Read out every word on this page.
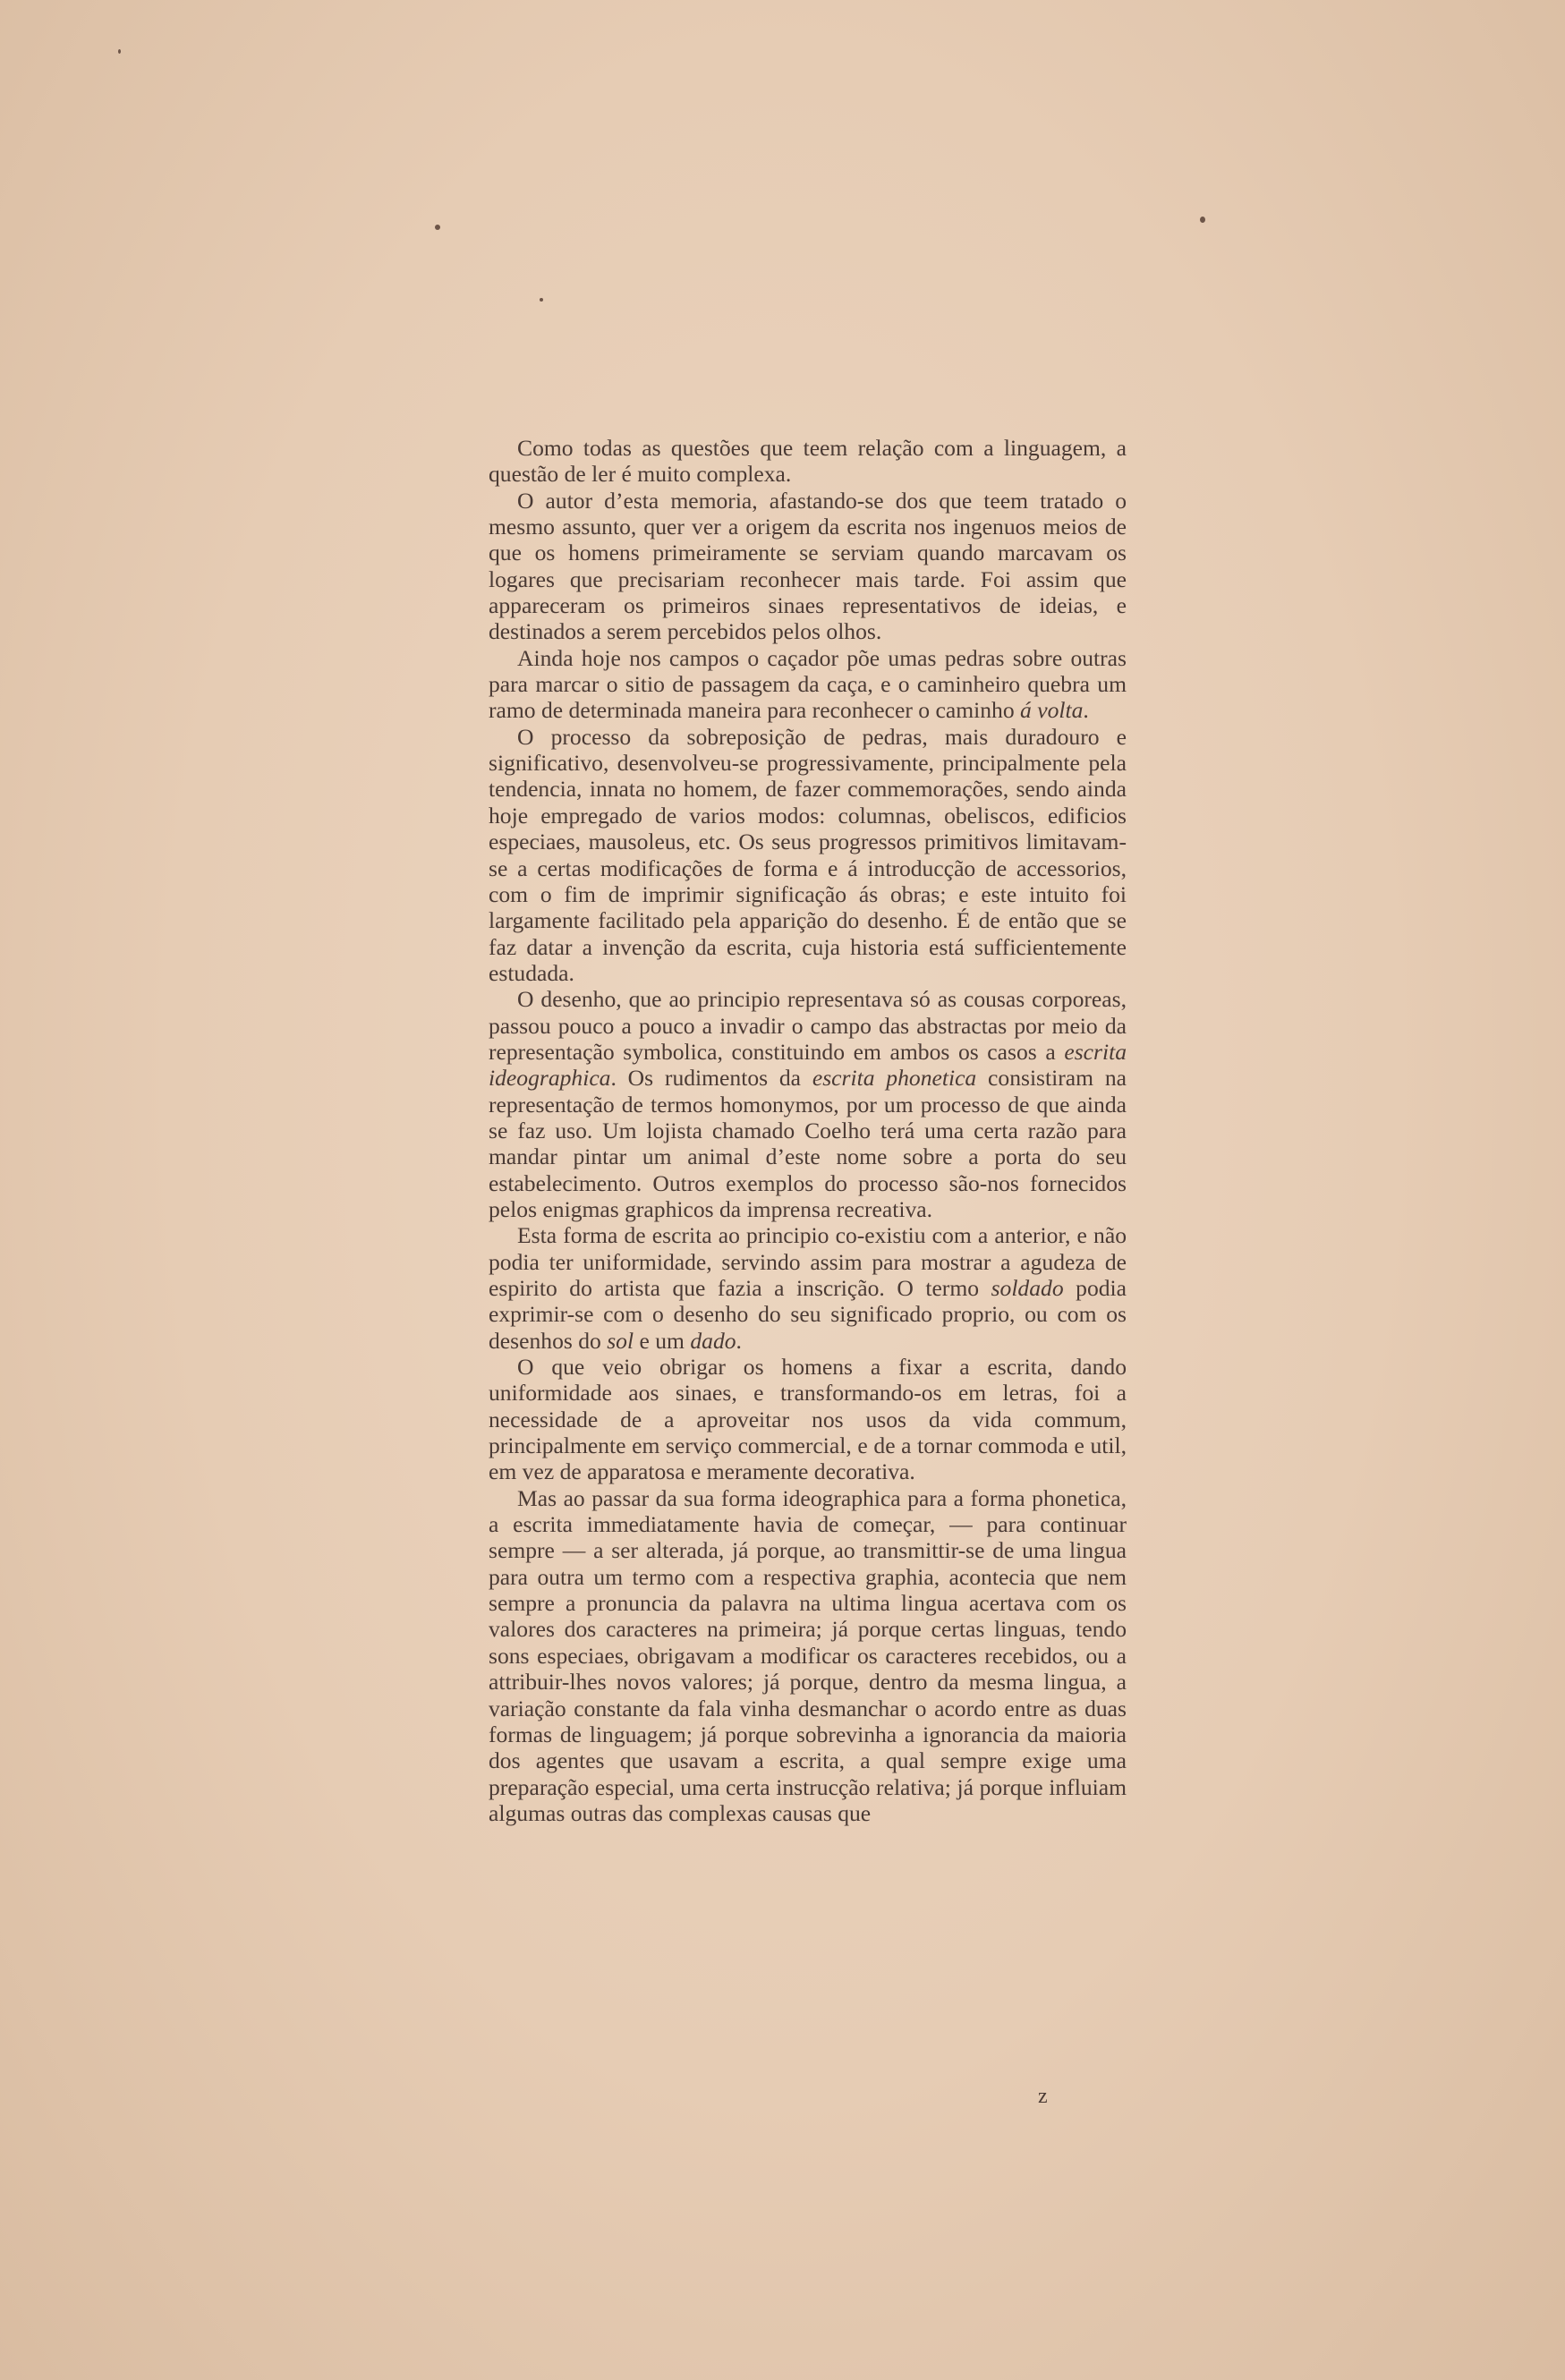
Como todas as questões que teem relação com a linguagem, a questão de ler é muito complexa.

O autor d’esta memoria, afastando-se dos que teem tratado o mesmo assunto, quer ver a origem da escrita nos ingenuos meios de que os homens primeiramente se serviam quando marcavam os logares que precisariam reconhecer mais tarde. Foi assim que appareceram os primeiros sinaes representativos de ideias, e destinados a serem percebidos pelos olhos.

Ainda hoje nos campos o caçador põe umas pedras sobre outras para marcar o sitio de passagem da caça, e o caminheiro quebra um ramo de determinada maneira para reconhecer o caminho á volta.

O processo da sobreposição de pedras, mais duradouro e significativo, desenvolveu-se progressivamente, principalmente pela tendencia, innata no homem, de fazer commemorações, sendo ainda hoje empregado de varios modos: columnas, obeliscos, edificios especiaes, mausoleus, etc. Os seus progressos primitivos limitavam-se a certas modificações de forma e á introducção de accessorios, com o fim de imprimir significação ás obras; e este intuito foi largamente facilitado pela apparição do desenho. É de então que se faz datar a invenção da escrita, cuja historia está sufficientemente estudada.

O desenho, que ao principio representava só as cousas corporeas, passou pouco a pouco a invadir o campo das abstractas por meio da representação symbolica, constituindo em ambos os casos a escrita ideographica. Os rudimentos da escrita phonetica consistiram na representação de termos homonymos, por um processo de que ainda se faz uso. Um lojista chamado Coelho terá uma certa razão para mandar pintar um animal d’este nome sobre a porta do seu estabelecimento. Outros exemplos do processo são-nos fornecidos pelos enigmas graphicos da imprensa recreativa.

Esta forma de escrita ao principio co-existiu com a anterior, e não podia ter uniformidade, servindo assim para mostrar a agudeza de espirito do artista que fazia a inscrição. O termo soldado podia exprimir-se com o desenho do seu significado proprio, ou com os desenhos do sol e um dado.

O que veio obrigar os homens a fixar a escrita, dando uniformidade aos sinaes, e transformando-os em letras, foi a necessidade de a aproveitar nos usos da vida commum, principalmente em serviço commercial, e de a tornar commoda e util, em vez de apparatosa e meramente decorativa.

Mas ao passar da sua forma ideographica para a forma phonetica, a escrita immediatamente havia de começar, — para continuar sempre — a ser alterada, já porque, ao transmittir-se de uma lingua para outra um termo com a respectiva graphia, acontecia que nem sempre a pronuncia da palavra na ultima lingua acertava com os valores dos caracteres na primeira; já porque certas linguas, tendo sons especiaes, obrigavam a modificar os caracteres recebidos, ou a attribuir-lhes novos valores; já porque, dentro da mesma lingua, a variação constante da fala vinha desmanchar o acordo entre as duas formas de linguagem; já porque sobrevinha a ignorancia da maioria dos agentes que usavam a escrita, a qual sempre exige uma preparação especial, uma certa instrucção relativa; já porque influiam algumas outras das complexas causas que

z
